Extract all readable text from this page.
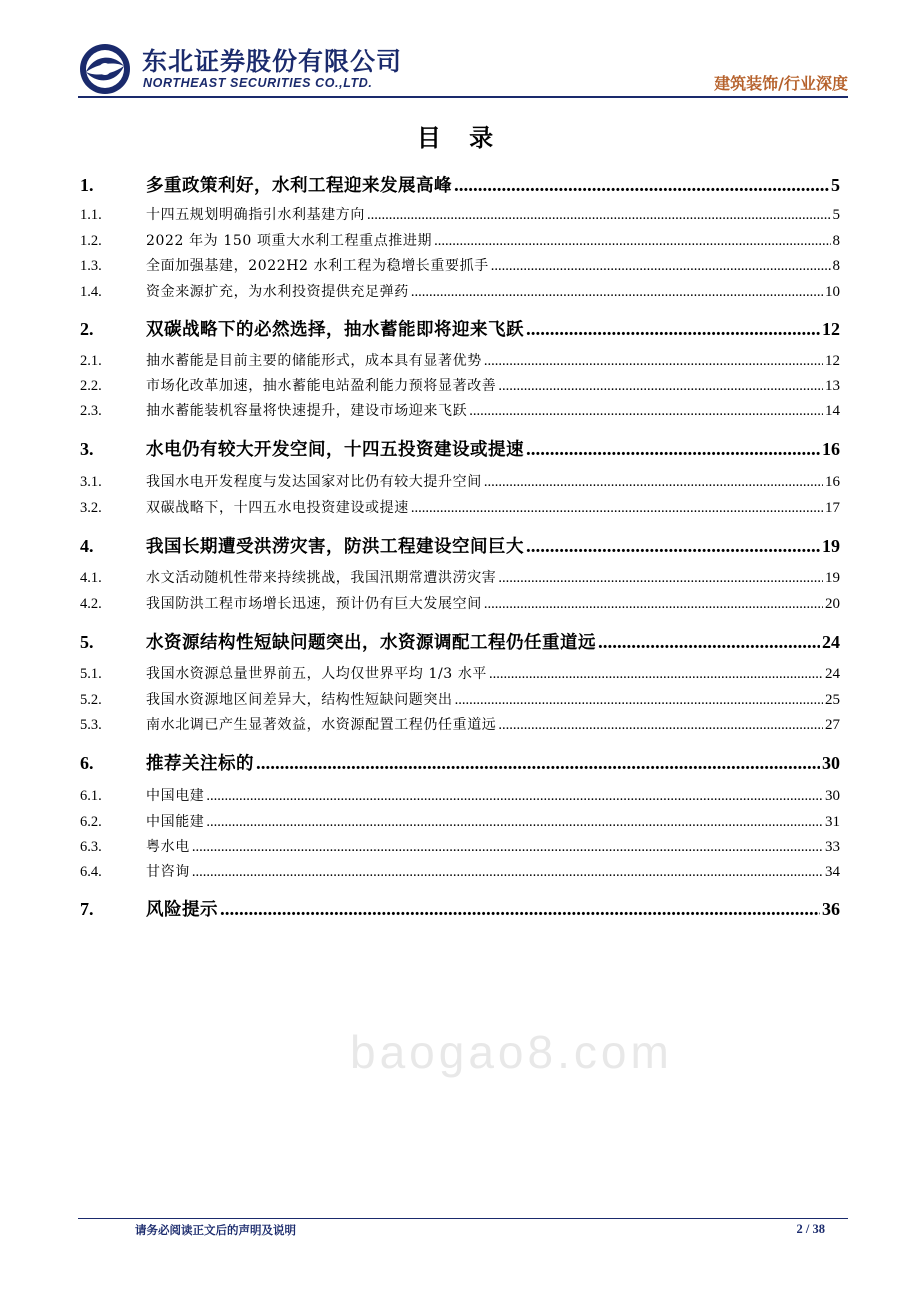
东北证券股份有限公司
NORTHEAST SECURITIES CO.,LTD.	建筑装饰/行业深度
目 录
1.	多重政策利好，水利工程迎来发展高峰 .....	5
1.1.	十四五规划明确指引水利基建方向 .....	5
1.2.	2022 年为 150 项重大水利工程重点推进期 .....	8
1.3.	全面加强基建，2022H2 水利工程为稳增长重要抓手 .....	8
1.4.	资金来源扩充，为水利投资提供充足弹药 .....	10
2.	双碳战略下的必然选择，抽水蓄能即将迎来飞跃 .....	12
2.1.	抽水蓄能是目前主要的储能形式，成本具有显著优势 .....	12
2.2.	市场化改革加速，抽水蓄能电站盈利能力预将显著改善 .....	13
2.3.	抽水蓄能装机容量将快速提升，建设市场迎来飞跃 .....	14
3.	水电仍有较大开发空间，十四五投资建设或提速 .....	16
3.1.	我国水电开发程度与发达国家对比仍有较大提升空间 .....	16
3.2.	双碳战略下，十四五水电投资建设或提速 .....	17
4.	我国长期遭受洪涝灾害，防洪工程建设空间巨大 .....	19
4.1.	水文活动随机性带来持续挑战，我国汛期常遭洪涝灾害 .....	19
4.2.	我国防洪工程市场增长迅速，预计仍有巨大发展空间 .....	20
5.	水资源结构性短缺问题突出，水资源调配工程仍任重道远 .....	24
5.1.	我国水资源总量世界前五，人均仅世界平均 1/3 水平 .....	24
5.2.	我国水资源地区间差异大，结构性短缺问题突出 .....	25
5.3.	南水北调已产生显著效益，水资源配置工程仍任重道远 .....	27
6.	推荐关注标的 .....	30
6.1.	中国电建 .....	30
6.2.	中国能建 .....	31
6.3.	粤水电 .....	33
6.4.	甘咨询 .....	34
7.	风险提示 .....	36
baogao8.com
请务必阅读正文后的声明及说明	2 / 38
